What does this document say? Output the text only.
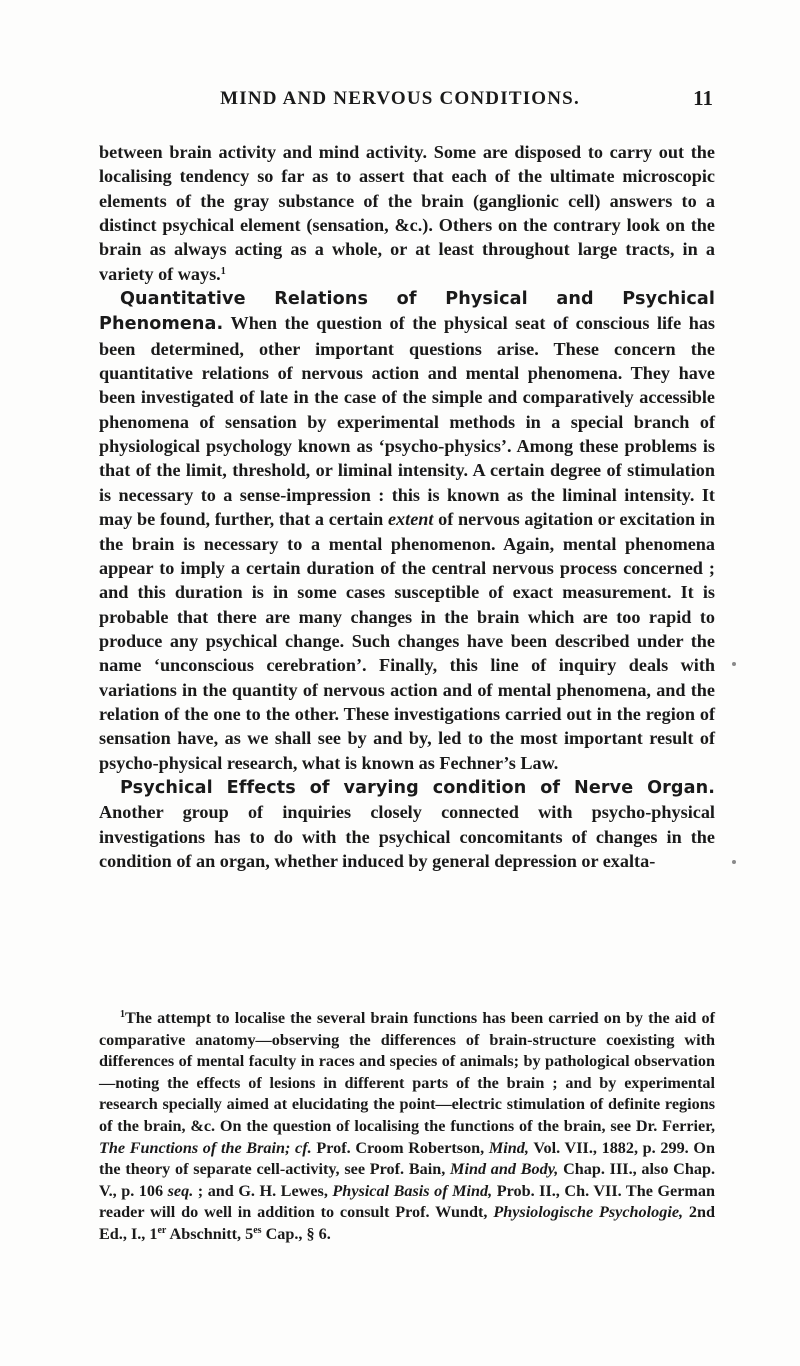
MIND AND NERVOUS CONDITIONS.	11

between brain activity and mind activity. Some are disposed to carry out the localising tendency so far as to assert that each of the ultimate microscopic elements of the gray substance of the brain (ganglionic cell) answers to a distinct psychical element (sensation, &c.). Others on the contrary look on the brain as always acting as a whole, or at least throughout large tracts, in a variety of ways.$^1$

Quantitative Relations of Physical and Psychical Phenomena. When the question of the physical seat of conscious life has been determined, other important questions arise. These concern the quantitative relations of nervous action and mental phenomena. They have been investigated of late in the case of the simple and comparatively accessible phenomena of sensation by experimental methods in a special branch of physiological psychology known as ‘psycho-physics’. Among these problems is that of the limit, threshold, or liminal intensity. A certain degree of stimulation is necessary to a sense-impression : this is known as the liminal intensity. It may be found, further, that a certain extent of nervous agitation or excitation in the brain is necessary to a mental phenomenon. Again, mental phenomena appear to imply a certain duration of the central nervous process concerned ; and this duration is in some cases susceptible of exact measurement. It is probable that there are many changes in the brain which are too rapid to produce any psychical change. Such changes have been described under the name ‘unconscious cerebration’. Finally, this line of inquiry deals with variations in the quantity of nervous action and of mental phenomena, and the relation of the one to the other. These investigations carried out in the region of sensation have, as we shall see by and by, led to the most important result of psycho-physical research, what is known as Fechner’s Law.

Psychical Effects of varying condition of Nerve Organ. Another group of inquiries closely connected with psycho-physical investigations has to do with the psychical concomitants of changes in the condition of an organ, whether induced by general depression or exalta-

$^1$The attempt to localise the several brain functions has been carried on by the aid of comparative anatomy—observing the differences of brain-structure coexisting with differences of mental faculty in races and species of animals; by pathological observation—noting the effects of lesions in different parts of the brain ; and by experimental research specially aimed at elucidating the point—electric stimulation of definite regions of the brain, &c. On the question of localising the functions of the brain, see Dr. Ferrier, The Functions of the Brain; cf. Prof. Croom Robertson, Mind, Vol. VII., 1882, p. 299. On the theory of separate cell-activity, see Prof. Bain, Mind and Body, Chap. III., also Chap. V., p. 106 seq. ; and G. H. Lewes, Physical Basis of Mind, Prob. II., Ch. VII. The German reader will do well in addition to consult Prof. Wundt, Physiologische Psychologie, 2nd Ed., I., 1er Abschnitt, $5^{es}$ Cap., § 6.
